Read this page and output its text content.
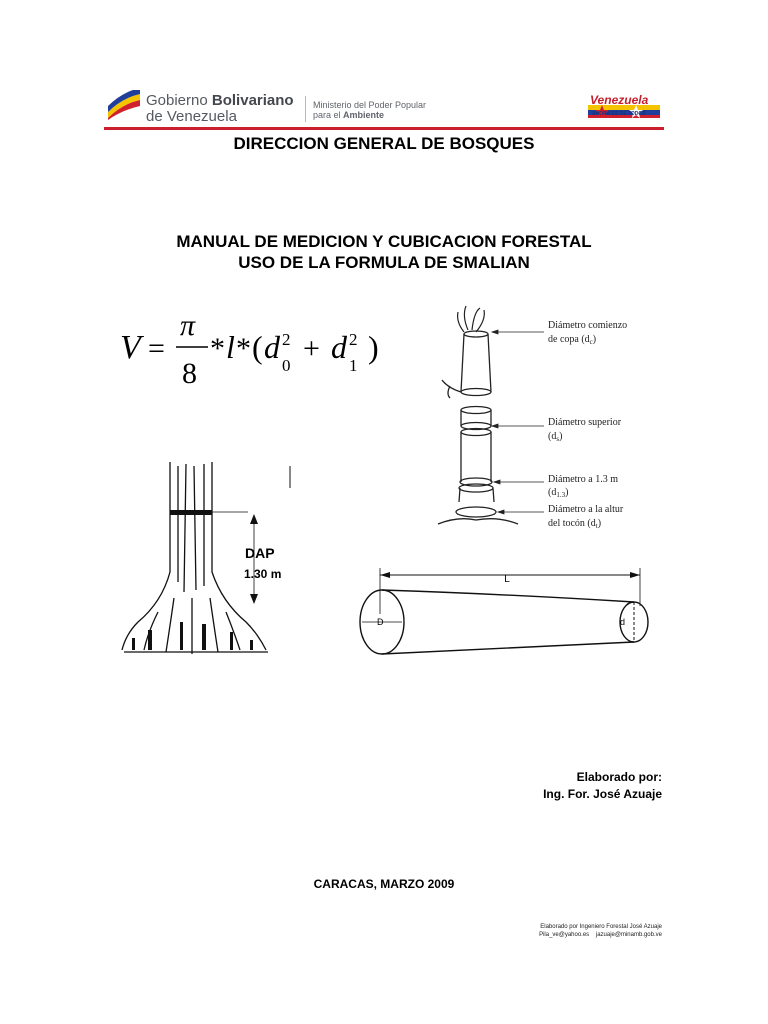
Gobierno Bolivariano
de Venezuela
Ministerio del Poder Popular
para el Ambiente
Venezuela
AHORA ES DE TODOS
DIRECCION GENERAL DE BOSQUES
MANUAL DE MEDICION Y CUBICACION FORESTAL
USO DE LA FORMULA DE SMALIAN
V =
π
8
* l * ( d 2
0
+ d 2
1
)
Diámetro comienzo
de copa $(d_c)$
Diámetro superior
$(d_s)$
Diámetro a 1.3 m
$(d_{1.3})$
Diámetro a la altur
del tocón $(d_t)$
DAP
1.30 m	L
D	d
Elaborado por:
Ing. For. José Azuaje
CARACAS, MARZO 2009
Elaborado por Ingeniero Forestal José Azuaje
Pila_ve@yahoo.es jazuaje@minamb.gob.ve
